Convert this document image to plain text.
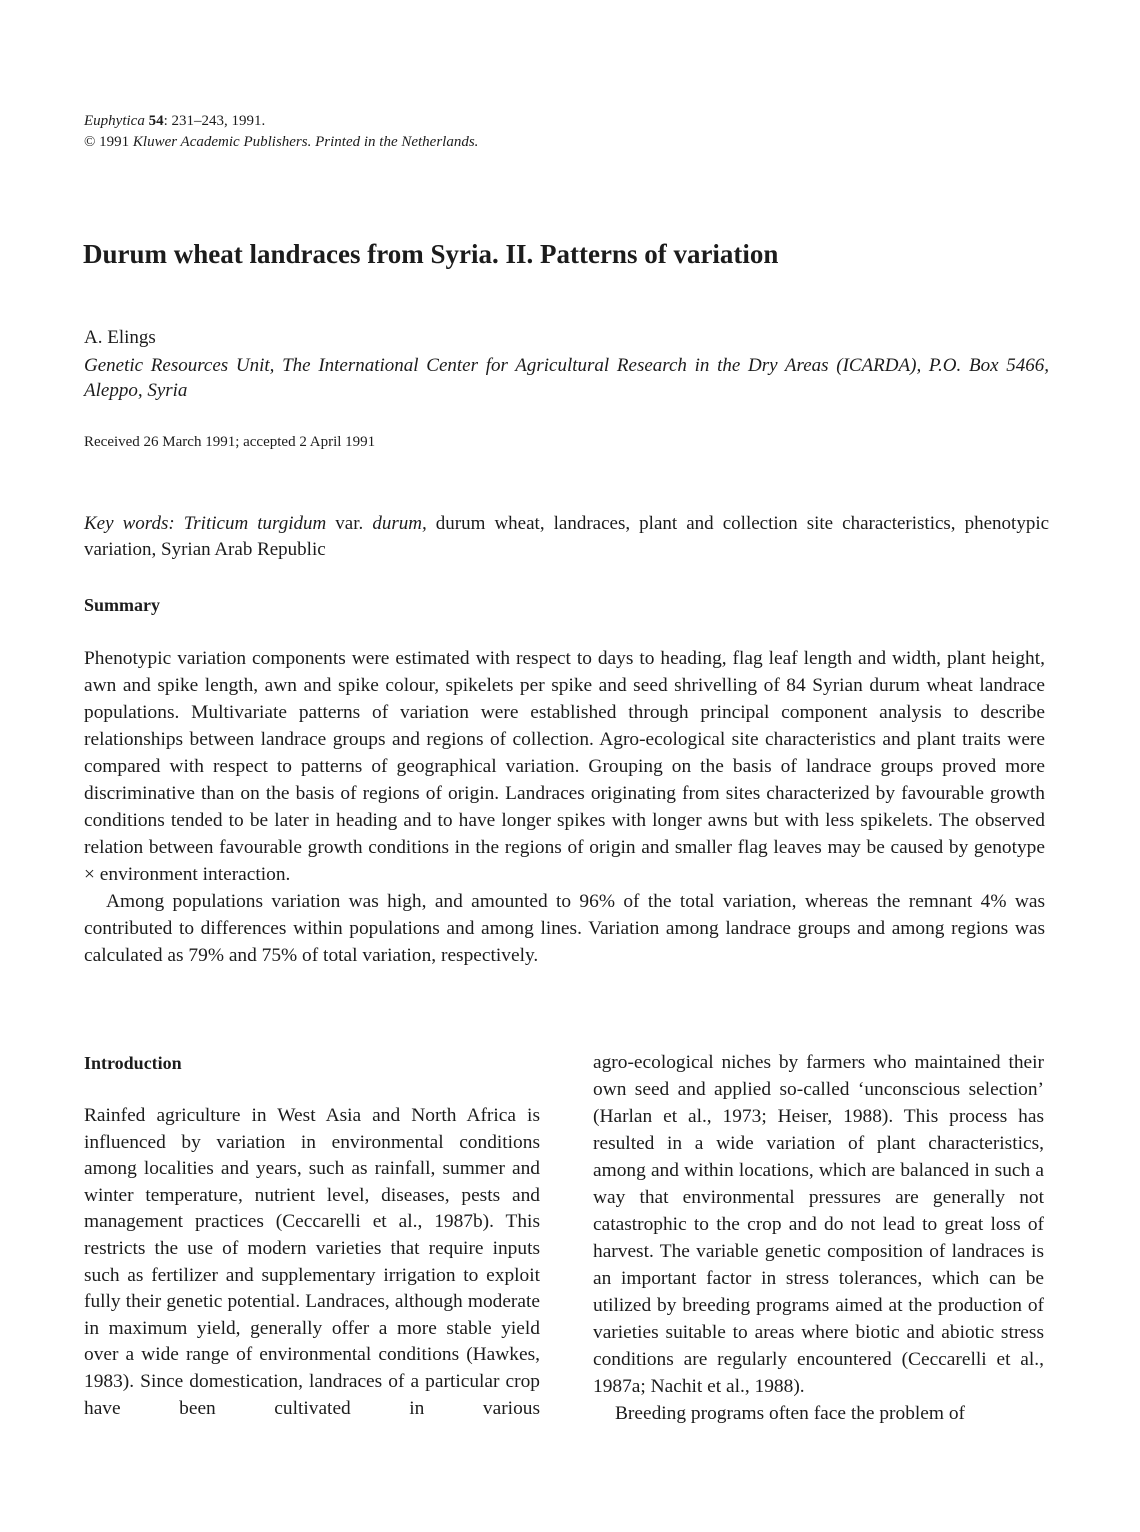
Euphytica 54: 231–243, 1991.
© 1991 Kluwer Academic Publishers. Printed in the Netherlands.
Durum wheat landraces from Syria. II. Patterns of variation
A. Elings
Genetic Resources Unit, The International Center for Agricultural Research in the Dry Areas (ICARDA), P.O. Box 5466, Aleppo, Syria
Received 26 March 1991; accepted 2 April 1991
Key words: Triticum turgidum var. durum, durum wheat, landraces, plant and collection site characteristics, phenotypic variation, Syrian Arab Republic
Summary

Phenotypic variation components were estimated with respect to days to heading, flag leaf length and width, plant height, awn and spike length, awn and spike colour, spikelets per spike and seed shrivelling of 84 Syrian durum wheat landrace populations. Multivariate patterns of variation were established through principal component analysis to describe relationships between landrace groups and regions of collection. Agro-ecological site characteristics and plant traits were compared with respect to patterns of geographical variation. Grouping on the basis of landrace groups proved more discriminative than on the basis of regions of origin. Landraces originating from sites characterized by favourable growth conditions tended to be later in heading and to have longer spikes with longer awns but with less spikelets. The observed relation between favourable growth conditions in the regions of origin and smaller flag leaves may be caused by genotype × environment interaction.

Among populations variation was high, and amounted to 96% of the total variation, whereas the remnant 4% was contributed to differences within populations and among lines. Variation among landrace groups and among regions was calculated as 79% and 75% of total variation, respectively.

Introduction

Rainfed agriculture in West Asia and North Africa is influenced by variation in environmental conditions among localities and years, such as rainfall, summer and winter temperature, nutrient level, diseases, pests and management practices (Ceccarelli et al., 1987b). This restricts the use of modern varieties that require inputs such as fertilizer and supplementary irrigation to exploit fully their genetic potential. Landraces, although moderate in maximum yield, generally offer a more stable yield over a wide range of environmental conditions (Hawkes, 1983). Since domestication, landraces of a particular crop have been cultivated in various

agro-ecological niches by farmers who maintained their own seed and applied so-called ‘unconscious selection’ (Harlan et al., 1973; Heiser, 1988). This process has resulted in a wide variation of plant characteristics, among and within locations, which are balanced in such a way that environmental pressures are generally not catastrophic to the crop and do not lead to great loss of harvest. The variable genetic composition of landraces is an important factor in stress tolerances, which can be utilized by breeding programs aimed at the production of varieties suitable to areas where biotic and abiotic stress conditions are regularly encountered (Ceccarelli et al., 1987a; Nachit et al., 1988).

Breeding programs often face the problem of
